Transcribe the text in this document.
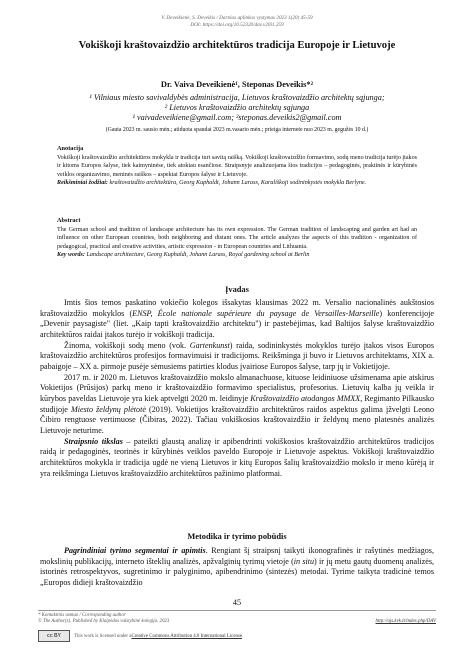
V. Deveikienė, S. Deveikis / Darnios aplinkos vystymas 2023 1(20) 45-59
DOI: https://doi.org/10.52320/dav.v20i1.259
Vokiškoji kraštovaizdžio architektūros tradicija Europoje ir Lietuvoje
Dr. Vaiva Deveikienė¹, Steponas Deveikis*²
¹ Vilniaus miesto savivaldybės administracija, Lietuvos kraštovaizdžio architektų sąjunga;
² Lietuvos kraštovaizdžio architektų sąjunga
¹ vaivadeveikiene@gmail.com; ²steponas.deveikis2@gmail.com
(Gauta 2023 m. sausio mėn.; atiduota spaudai 2023 m.vasario mėn.; prieiga internete nuo 2023 m. gegužės 10 d.)
Anotacija

Vokiškoji kraštovaizdžio architektūros mokykla ir tradicija turi savitą raišką. Vokiškoji kraštovaizdžio formavimo, sodų meno tradicija turėjo įtakos ir kitoms Europos šalyse, tiek kaimyninėse, tiek atokiau esančiose. Straipsnyje analizuojama šios tradicijos – pedagoginės, praktinės ir kūrybinės veiklos organizavimo, meninės raiškos – aspektai Europos šalyse ir Lietuvoje.

Reikšminiai žodžiai: kraštovaizdžio architektūra, Georg Kuphaldt, Johann Larass, Karališkoji sodininkystės mokykla Berlyne.

Abstract

The German school and tradition of landscape architecture has its own expression. The German tradition of landscaping and garden art had an influence on other European countries, both neighboring and distant ones. The article analyzes the aspects of this tradition - organization of pedagogical, practical and creative activities, artistic expression - in European countries and Lithuania.

Key words: Landscape architecture, Georg Kuphaldt, Johann Larass, Royal gardening school at Berlin

Įvadas

Imtis šios temos paskatino vokiečio kolegos išsakytas klausimas 2022 m. Versalio nacionalinės aukštosios kraštovaizdžio mokyklos (ENSP, École nationale supérieure du paysage de Versailles-Marseille) konferencijoje „Devenir paysagiste" (liet. „Kaip tapti kraštovaizdžio architektu") ir pastebėjimas, kad Baltijos šalyse kraštovaizdžio architektūros raidai įtakos turėjo ir vokiškoji tradicija.

Žinoma, vokiškoji sodų meno (vok. Gartenkunst) raida, sodininkystės mokyklos turėjo įtakos visos Europos kraštovaizdžio architektūros profesijos formavimuisi ir tradicijoms. Reikšminga ji buvo ir Lietuvos architektams, XIX a. pabaigoje – XX a. pirmoje pusėje sėmusiems patirties klodus įvairiose Europos šalyse, tarp jų ir Vokietijoje.

2017 m. ir 2020 m. Lietuvos kraštovaizdžio mokslo almanachuose, kituose leidiniuose užsimenama apie atskirus Vokietijos (Prūsijos) parkų meno ir kraštovaizdžio formavimo specialistus, profesorius. Lietuvių kalba jų veikla ir kūrybos paveldas Lietuvoje yra kiek aptvelgti 2020 m. leidinyje Kraštovaizdžio atodangos MMXX, Regimanto Pilkausko studijoje Miesto želdynų plėtotė (2019). Vokietijos kraštovaizdžio architektūros raidos aspektus galima įžvelgti Leono Čibiro rengtuose vertimuose (Čibiras, 2022). Tačiau vokiškosios kraštovaizdžio ir želdynų meno platesnės analizės Lietuvoje neturime.

Straipsnio tikslas – pateikti glaustą analizę ir apibendrinti vokiškosios kraštovaizdžio architektūros tradicijos raidą ir pedagoginės, teorinės ir kūrybinės veiklos paveldo Europoje ir Lietuvoje aspektus. Vokiškoji kraštovaizdžio architektūros mokykla ir tradicija ugdė ne vieną Lietuvos ir kitų Europos šalių kraštovaizdžio mokslo ir meno kūrėją ir yra reikšminga Lietuvos kraštovaizdžio architektūros pažinimo platformai.

Metodika ir tyrimo pobūdis

Pagrindiniai tyrimo segmentai ir apimtis. Rengiant šį straipsnį taikyti ikonografinės ir rašytinės medžiagos, mokslinių publikacijų, interneto išteklių analizės, apžvalginių tyrimų vietoje (in situ) ir jų metu gautų duomenų analizės, istorinės retrospektyvos, sugretinimo ir palyginimo, apibendrinimo (sintezės) metodai. Tyrime taikyta tradicinė temos „Europos didieji kraštovaizdžio

45
* Kontaktinis asmuo / Corresponding author
© The Author(s). Published by Klaipėdos valstybinė kolegija. 2023	http://ojs.kvk.lt/index.php/DAV
cc BY	This work is licensed under a Creative Commons Attribution 4.0 International License .
